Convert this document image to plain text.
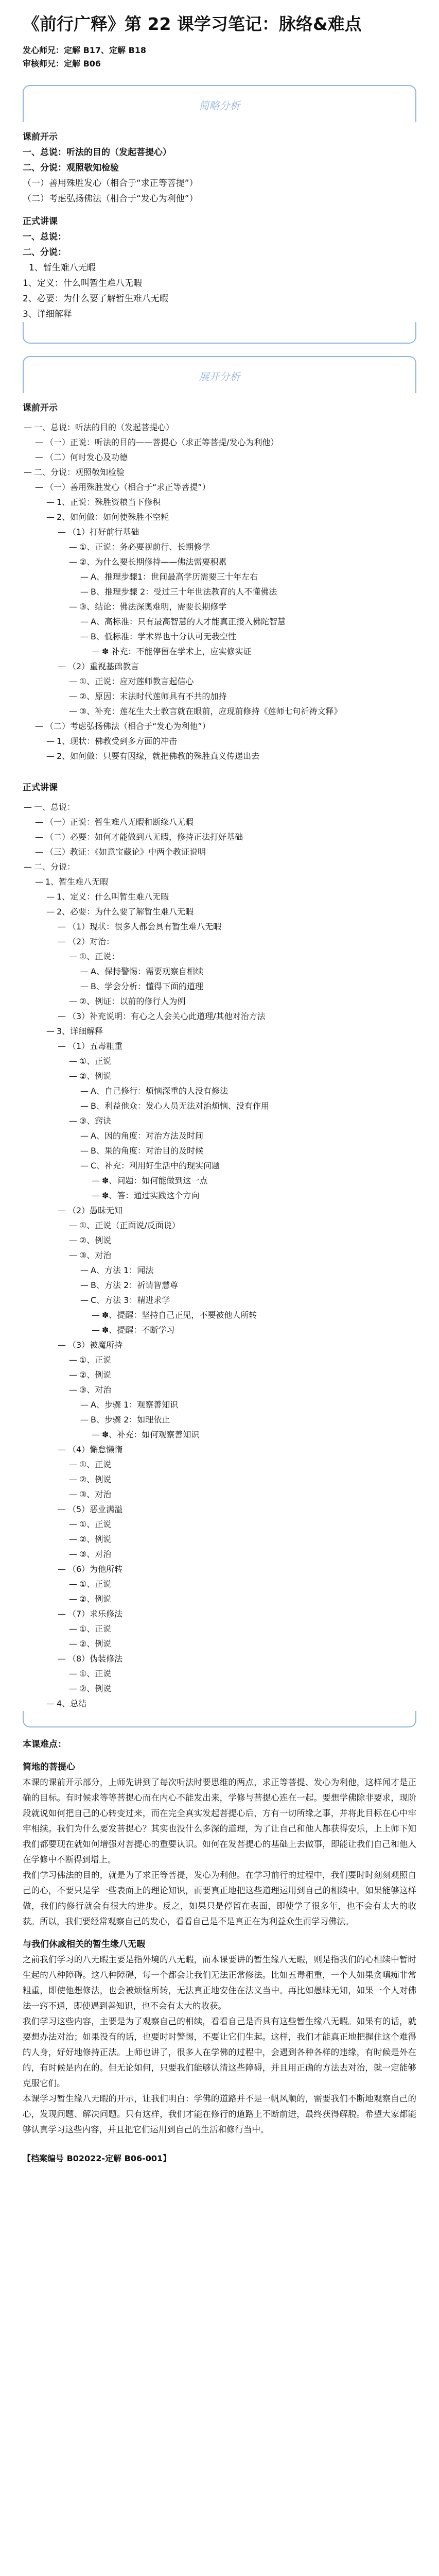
《前行广释》第 22 课学习笔记：脉络&难点
发心师兄：定解 B17、定解 B18
审核师兄：定解 B06
简略分析
课前开示
一、总说：听法的目的（发起菩提心）
二、分说：观照敬知检验
（一）善用殊胜发心（相合于“求正等菩提”）
（二）考虑弘扬佛法（相合于“发心为利他”）
正式讲课
一、总说：
二、分说：
1、暂生难八无暇
1、定义：什么叫暂生难八无暇
2、必要：为什么要了解暂生难八无暇
3、详细解释
展开分析
课前开示
— 一、总说：听法的目的（发起菩提心）
— （一）正说：听法的目的——菩提心（求正等菩提/发心为利他）
— （二）何时发心及功德
— 二、分说：观照敬知检验
— （一）善用殊胜发心（相合于“求正等菩提”）
— 1、正说：殊胜资粮当下修积
— 2、如何做：如何使殊胜不空耗
— （1）打好前行基础
— ①、正说：务必要视前行、长期修学
— ②、为什么要长期修持——佛法需要积累
— A、推理步骤1：世间最高学历需要三十年左右
— B、推理步骤 2：受过三十年世法教育的人不懂佛法
— ③、结论：佛法深奥难明，需要长期修学
— A、高标准：只有最高智慧的人才能真正接入佛陀智慧
— B、低标准：学术界也十分认可无我空性
— ✽ 补充：不能停留在学术上，应实修实证
— （2）重视基础教言
— ①、正说：应对莲师教言起信心
— ②、原因：末法时代莲师具有不共的加持
— ③、补充：莲花生大士教言就在眼前，应现前修持《莲师七句祈祷文释》
— （二）考虑弘扬佛法（相合于“发心为利他”）
— 1、现状：佛教受到多方面的冲击
— 2、如何做：只要有因缘，就把佛教的殊胜真义传递出去
正式讲课
— 一、总说：
— （一）正说：暂生难八无暇和断缘八无暇
— （二）必要：如何才能做到八无暇，修持正法打好基础
— （三）教证：《如意宝藏论》中两个教证说明
— 二、分说：
— 1、暂生难八无暇
— 1、定义：什么叫暂生难八无暇
— 2、必要：为什么要了解暂生难八无暇
— （1）现状：很多人都会具有暂生难八无暇
— （2）对治：
— ①、正说：
— A、保持警惕：需要观察自相续
— B、学会分析：懂得下面的道理
— ②、例证：以前的修行人为例
— （3）补充说明：有心之人会关心此道理/其他对治方法
— 3、详细解释
— （1）五毒粗重
— ①、正说
— ②、例说
— A、自己修行：烦恼深重的人没有修法
— B、利益他众：发心人员无法对治烦恼、没有作用
— ③、窍诀
— A、因的角度：对治方法及时间
— B、果的角度：对治目的及时候
— C、补充：利用好生活中的现实问题
— ✽、问题：如何能做到这一点
— ✽、答：通过实践这个方向
— （2）愚昧无知
— ①、正说（正面说/反面说）
— ②、例说
— ③、对治
— A、方法 1：闻法
— B、方法 2：祈请智慧尊
— C、方法 3：精进求学
— ✽、提醒：坚持自己正见，不要被他人所转
— ✽、提醒：不断学习
— （3）被魔所持
— ①、正说
— ②、例说
— ③、对治
— A、步骤 1：观察善知识
— B、步骤 2：如理依止
— ✽、补充：如何观察善知识
— （4）懈怠懒惰
— ①、正说
— ②、例说
— ③、对治
— （5）恶业满溢
— ①、正说
— ②、例说
— ③、对治
— （6）为他所转
— ①、正说
— ②、例说
— （7）求乐修法
— ①、正说
— ②、例说
— （8）伪装修法
— ①、正说
— ②、例说
— 4、总结
本课难点：
简地的菩提心

本课的课前开示部分，上师先讲到了每次听法时要思维的两点，求正等菩提、发心为利他，这样闻才是正确的目标。有时候求等等菩提心而在内心不能发出来，学修与菩提心连在一起。要想学佛除非要求，现阶段就说如何把自己的心转变过来，而在完全真实发起菩提心后，方有一切所缘之事，并将此目标在心中牢牢相续。我们为什么要发菩提心？其实也没什么多深的道理，为了让自己和他人都获得安乐，上上师下知我们都要现在就如何增强对菩提心的重要认识。如何在发菩提心的基础上去做事，即能让我们自己和他人在学修中不断得到增上。

我们学习佛法的目的，就是为了求正等菩提，发心为利他。在学习前行的过程中，我们要时时刻刻观照自己的心，不要只是学一些表面上的理论知识，而要真正地把这些道理运用到自己的相续中。如果能够这样做，我们的修行就会有很大的进步。反之，如果只是停留在表面，即使学了很多年，也不会有太大的收获。所以，我们要经常观察自己的发心，看看自己是不是真正在为利益众生而学习佛法。

与我们休戚相关的暂生缘八无暇

之前我们学习的八无暇主要是指外境的八无暇，而本课要讲的暂生缘八无暇，则是指我们的心相续中暂时生起的八种障碍。这八种障碍，每一个都会让我们无法正常修法。比如五毒粗重，一个人如果贪嗔痴非常粗重，即使他想修法，也会被烦恼所转，无法真正地安住在法义当中。再比如愚昧无知，如果一个人对佛法一窍不通，即使遇到善知识，也不会有太大的收获。

我们学习这些内容，主要是为了观察自己的相续，看看自己是否具有这些暂生缘八无暇。如果有的话，就要想办法对治；如果没有的话，也要时时警惕，不要让它们生起。这样，我们才能真正地把握住这个难得的人身，好好地修持正法。上师也讲了，很多人在学佛的过程中，会遇到各种各样的违缘，有时候是外在的，有时候是内在的。但无论如何，只要我们能够认清这些障碍，并且用正确的方法去对治，就一定能够克服它们。

本课学习暂生缘八无暇的开示，让我们明白：学佛的道路并不是一帆风顺的，需要我们不断地观察自己的心，发现问题、解决问题。只有这样，我们才能在修行的道路上不断前进，最终获得解脱。希望大家都能够认真学习这些内容，并且把它们运用到自己的生活和修行当中。

【档案编号 B02022-定解 B06-001】
